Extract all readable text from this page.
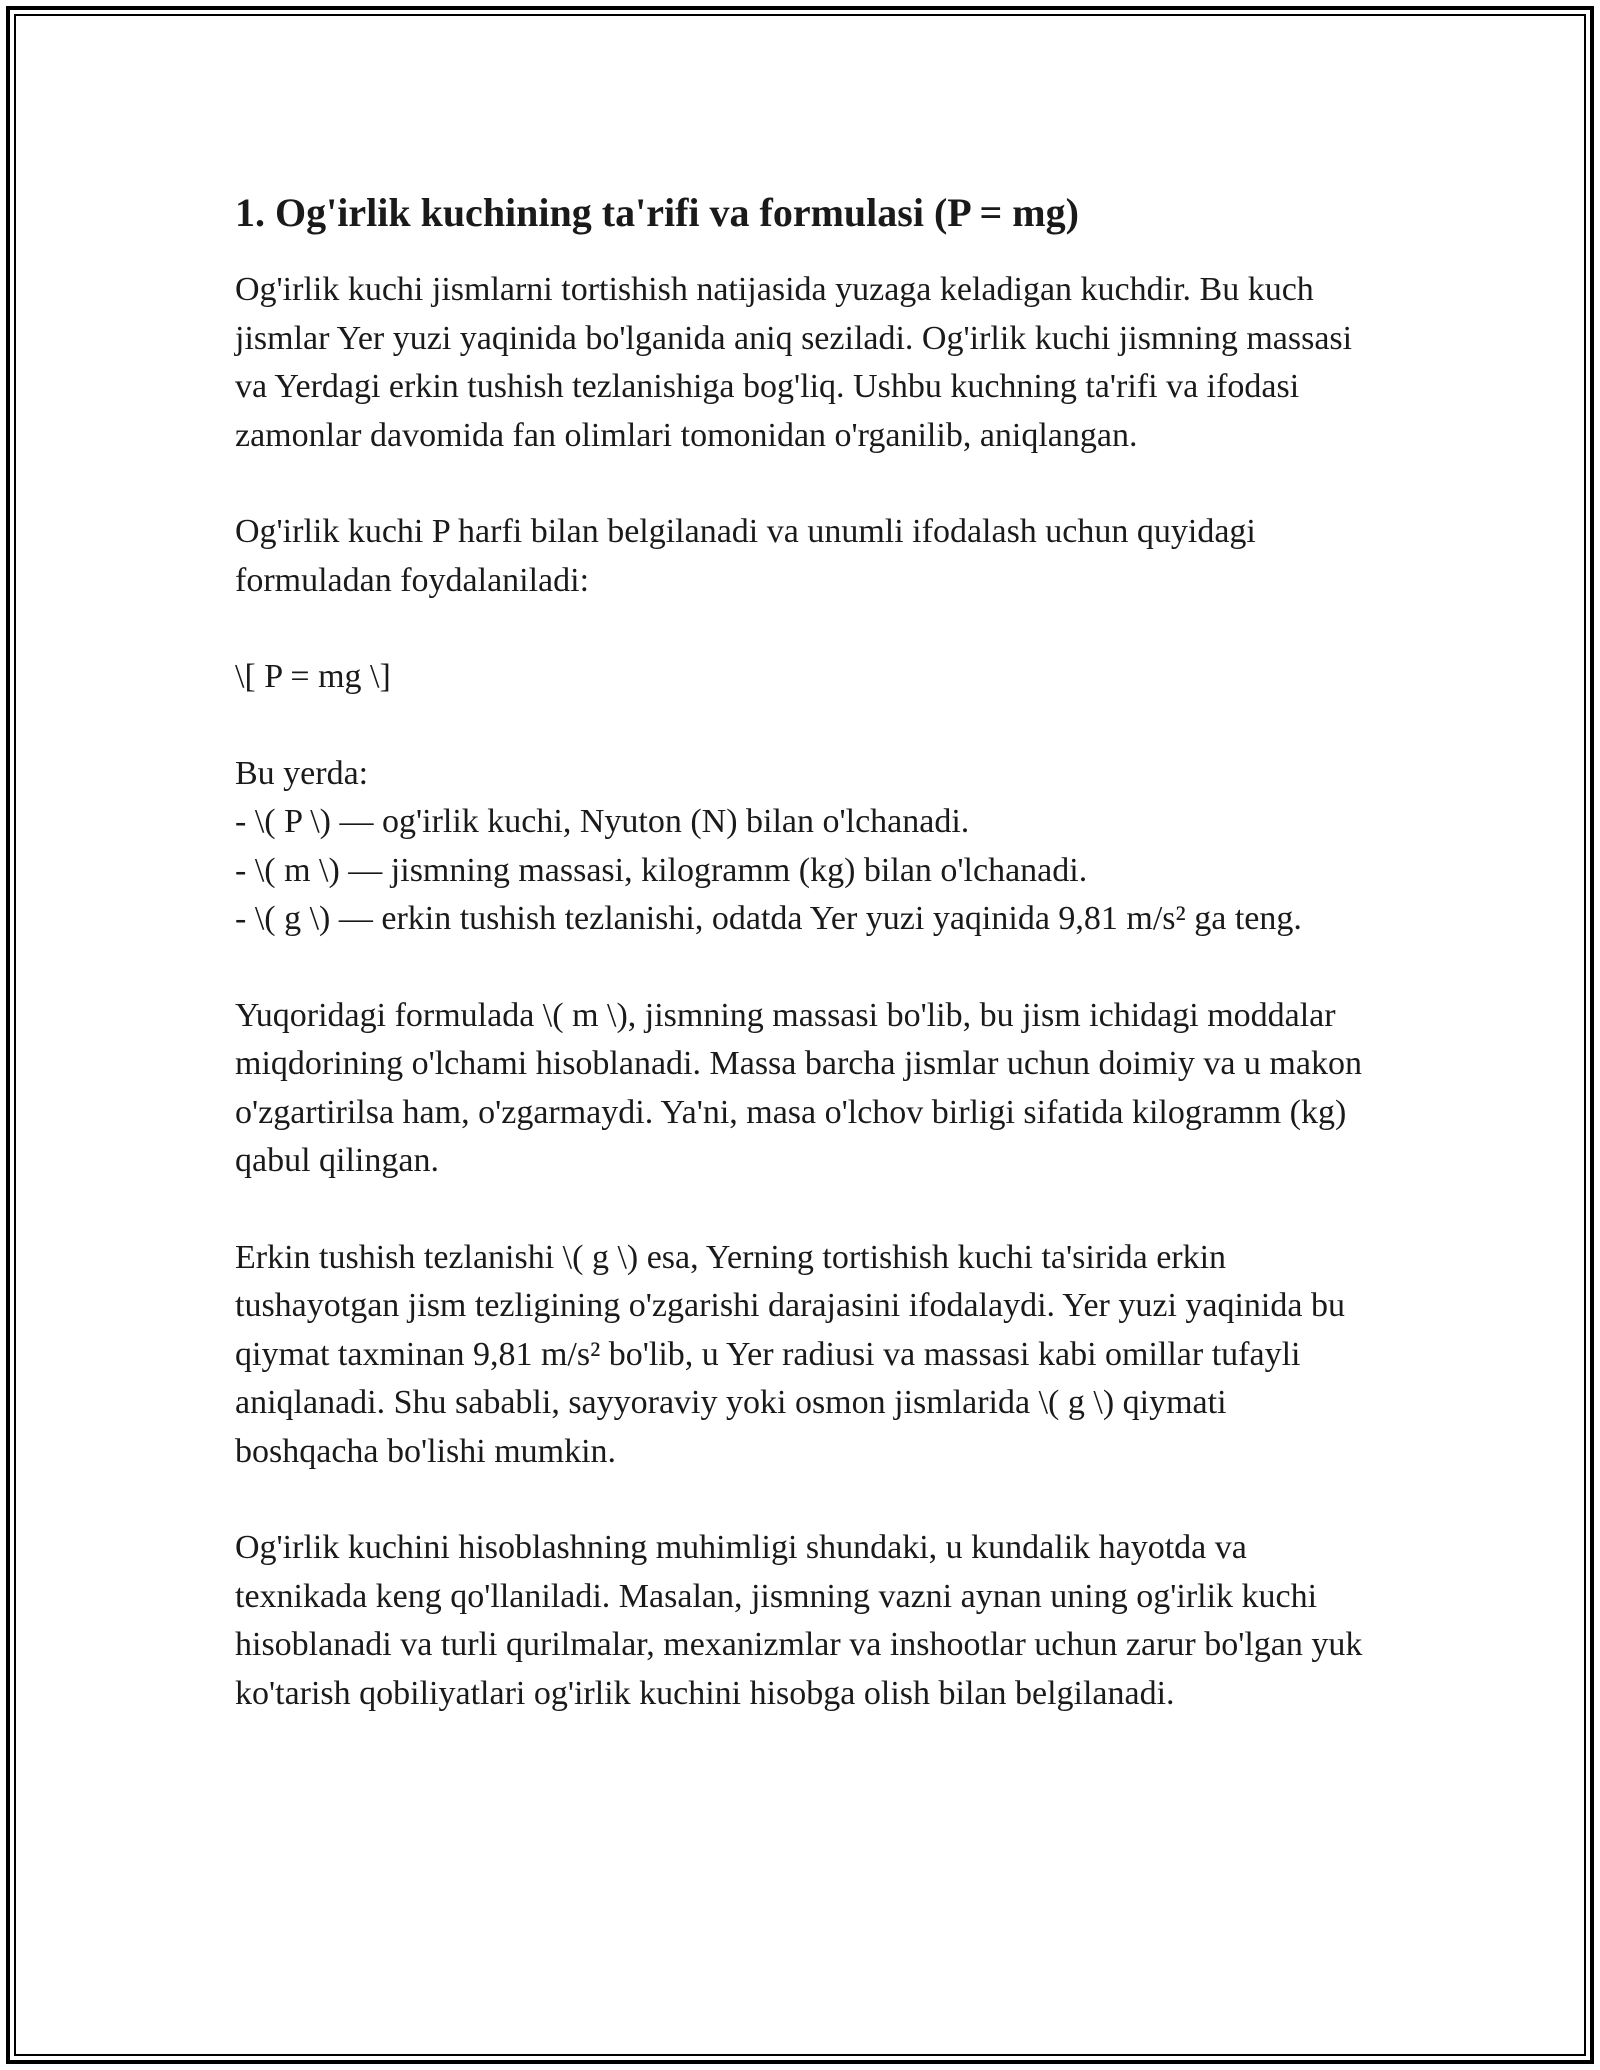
1. Og'irlik kuchining ta'rifi va formulasi (P = mg)

Og'irlik kuchi jismlarni tortishish natijasida yuzaga keladigan kuchdir. Bu kuch jismlar Yer yuzi yaqinida bo'lganida aniq seziladi. Og'irlik kuchi jismning massasi va Yerdagi erkin tushish tezlanishiga bog'liq. Ushbu kuchning ta'rifi va ifodasi zamonlar davomida fan olimlari tomonidan o'rganilib, aniqlangan.

Og'irlik kuchi P harfi bilan belgilanadi va unumli ifodalash uchun quyidagi formuladan foydalaniladi:

\[ P = mg \]

Bu yerda:
- \( P \) — og'irlik kuchi, Nyuton (N) bilan o'lchanadi.
- \( m \) — jismning massasi, kilogramm (kg) bilan o'lchanadi.
- \( g \) — erkin tushish tezlanishi, odatda Yer yuzi yaqinida 9,81 m/s² ga teng.

Yuqoridagi formulada \( m \), jismning massasi bo'lib, bu jism ichidagi moddalar miqdorining o'lchami hisoblanadi. Massa barcha jismlar uchun doimiy va u makon o'zgartirilsa ham, o'zgarmaydi. Ya'ni, masa o'lchov birligi sifatida kilogramm (kg) qabul qilingan.

Erkin tushish tezlanishi \( g \) esa, Yerning tortishish kuchi ta'sirida erkin tushayotgan jism tezligining o'zgarishi darajasini ifodalaydi. Yer yuzi yaqinida bu qiymat taxminan 9,81 m/s² bo'lib, u Yer radiusi va massasi kabi omillar tufayli aniqlanadi. Shu sababli, sayyoraviy yoki osmon jismlarida \( g \) qiymati boshqacha bo'lishi mumkin.

Og'irlik kuchini hisoblashning muhimligi shundaki, u kundalik hayotda va texnikada keng qo'llaniladi. Masalan, jismning vazni aynan uning og'irlik kuchi hisoblanadi va turli qurilmalar, mexanizmlar va inshootlar uchun zarur bo'lgan yuk ko'tarish qobiliyatlari og'irlik kuchini hisobga olish bilan belgilanadi.
